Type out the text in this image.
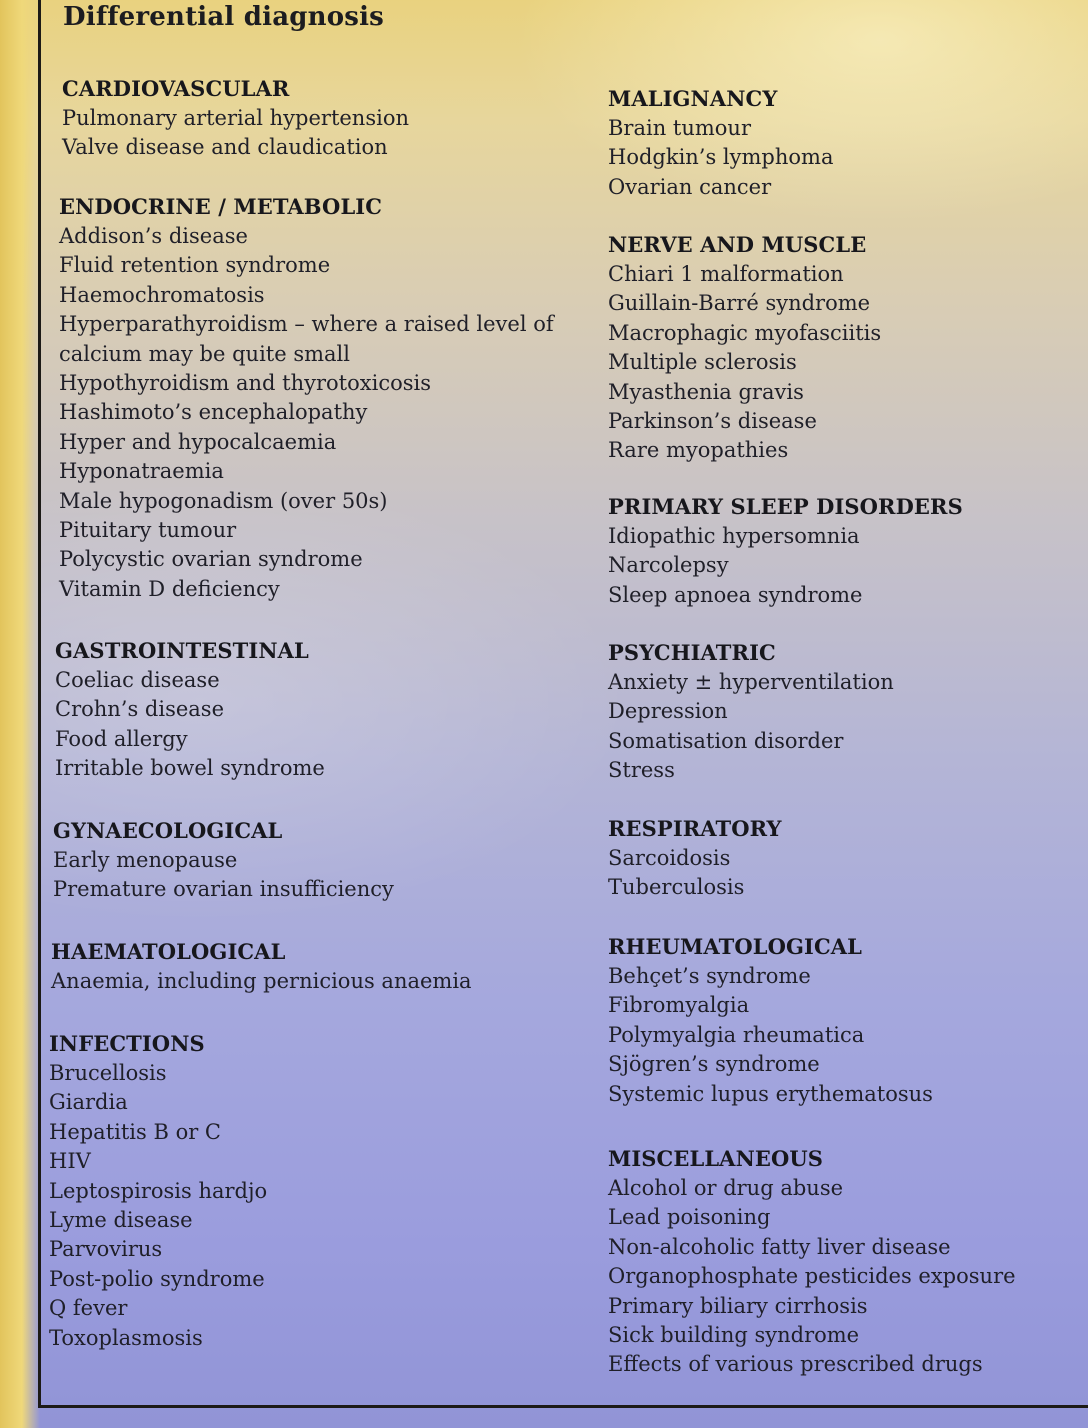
Differential diagnosis
CARDIOVASCULAR
Pulmonary arterial hypertension
Valve disease and claudication
ENDOCRINE / METABOLIC
Addison’s disease
Fluid retention syndrome
Haemochromatosis
Hyperparathyroidism – where a raised level of calcium may be quite small
Hypothyroidism and thyrotoxicosis
Hashimoto’s encephalopathy
Hyper and hypocalcaemia
Hyponatraemia
Male hypogonadism (over 50s)
Pituitary tumour
Polycystic ovarian syndrome
Vitamin D deficiency
GASTROINTESTINAL
Coeliac disease
Crohn’s disease
Food allergy
Irritable bowel syndrome
GYNAECOLOGICAL
Early menopause
Premature ovarian insufficiency
HAEMATOLOGICAL
Anaemia, including pernicious anaemia
INFECTIONS
Brucellosis
Giardia
Hepatitis B or C
HIV
Leptospirosis hardjo
Lyme disease
Parvovirus
Post-polio syndrome
Q fever
Toxoplasmosis
MALIGNANCY
Brain tumour
Hodgkin’s lymphoma
Ovarian cancer
NERVE AND MUSCLE
Chiari 1 malformation
Guillain-Barré syndrome
Macrophagic myofasciitis
Multiple sclerosis
Myasthenia gravis
Parkinson’s disease
Rare myopathies
PRIMARY SLEEP DISORDERS
Idiopathic hypersomnia
Narcolepsy
Sleep apnoea syndrome
PSYCHIATRIC
Anxiety ± hyperventilation
Depression
Somatisation disorder
Stress
RESPIRATORY
Sarcoidosis
Tuberculosis
RHEUMATOLOGICAL
Behçet’s syndrome
Fibromyalgia
Polymyalgia rheumatica
Sjögren’s syndrome
Systemic lupus erythematosus
MISCELLANEOUS
Alcohol or drug abuse
Lead poisoning
Non-alcoholic fatty liver disease
Organophosphate pesticides exposure
Primary biliary cirrhosis
Sick building syndrome
Effects of various prescribed drugs
